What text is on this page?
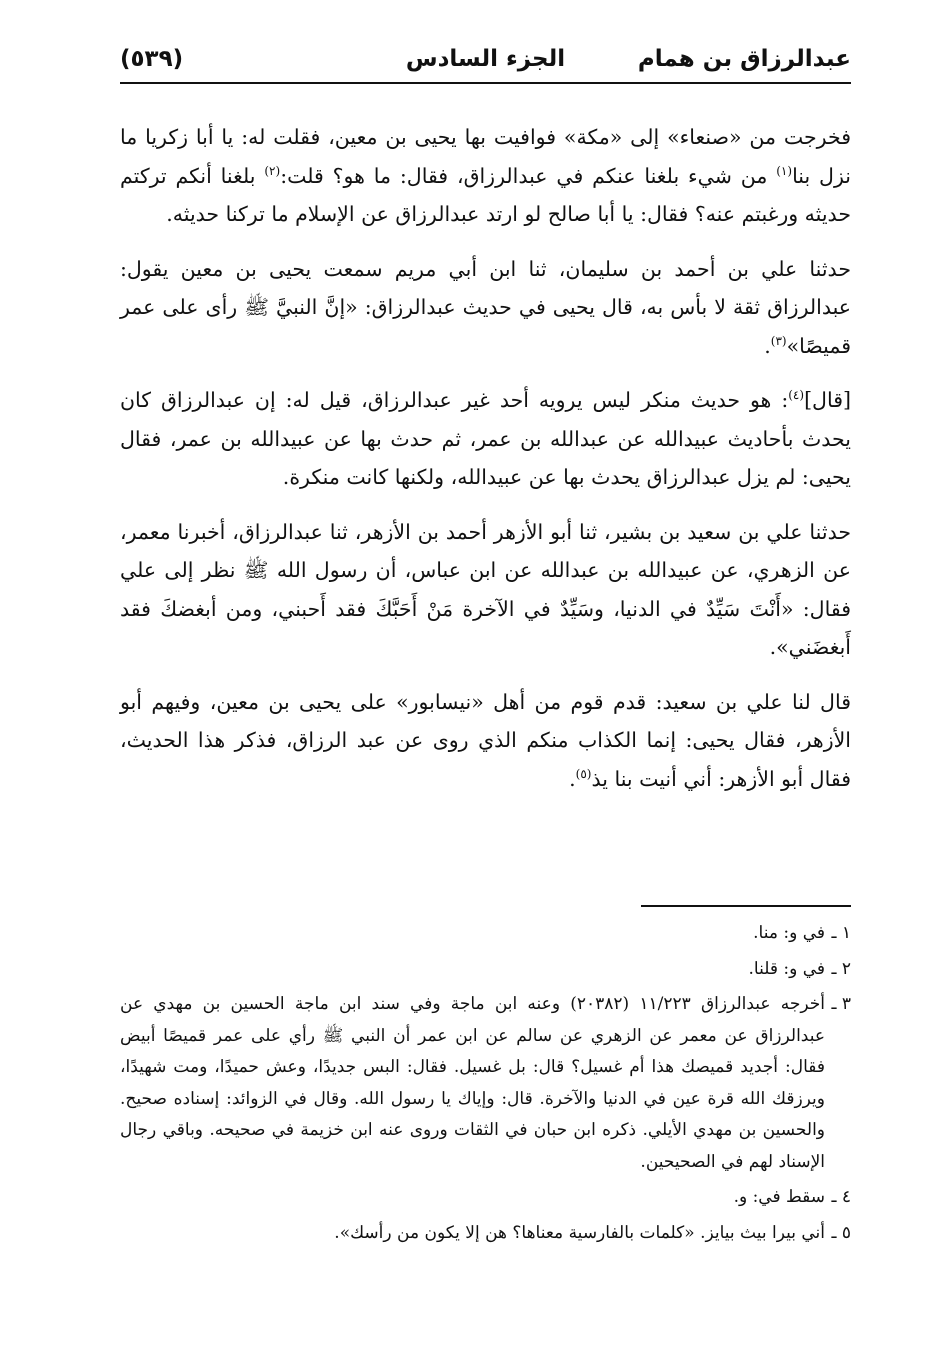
عبدالرزاق بن همام
الجزء السادس
(٥٣٩)

فخرجت من «صنعاء» إلى «مكة» فوافيت بها يحيى بن معين، فقلت له: يا أبا زكريا ما نزل بنا$^{(١)}$ من شيء بلغنا عنكم في عبدالرزاق، فقال: ما هو؟ قلت:$^{(٢)}$ بلغنا أنكم تركتم حديثه ورغبتم عنه؟ فقال: يا أبا صالح لو ارتد عبدالرزاق عن الإسلام ما تركنا حديثه.

حدثنا علي بن أحمد بن سليمان، ثنا ابن أبي مريم سمعت يحيى بن معين يقول: عبدالرزاق ثقة لا بأس به، قال يحيى في حديث عبدالرزاق: «إنَّ النبيَّ ﷺ رأى على عمر قميصًا»$^{(٣)}$.

[قال]$^{(٤)}$: هو حديث منكر ليس يرويه أحد غير عبدالرزاق، قيل له: إن عبدالرزاق كان يحدث بأحاديث عبيدالله عن عبدالله بن عمر، ثم حدث بها عن عبيدالله بن عمر، فقال يحيى: لم يزل عبدالرزاق يحدث بها عن عبيدالله، ولكنها كانت منكرة.

حدثنا علي بن سعيد بن بشير، ثنا أبو الأزهر أحمد بن الأزهر، ثنا عبدالرزاق، أخبرنا معمر، عن الزهري، عن عبيدالله بن عبدالله عن ابن عباس، أن رسول الله ﷺ نظر إلى علي فقال: «أَنْتَ سَيِّدٌ في الدنيا، وسَيِّدٌ في الآخرة مَنْ أَحَبَّكَ فقد أَحبني، ومن أبغضكَ فقد أَبغضَني».

قال لنا علي بن سعيد: قدم قوم من أهل «نيسابور» على يحيى بن معين، وفيهم أبو الأزهر، فقال يحيى: إنما الكذاب منكم الذي روى عن عبد الرزاق، فذكر هذا الحديث، فقال أبو الأزهر: أني أنيت بنا يذ$^{(٥)}$.

١ ـ
في و: منا.
٢ ـ
في و: قلنا.
٣ ـ
أخرجه عبدالرزاق ١١/٢٢٣ (٢٠٣٨٢) وعنه ابن ماجة وفي سند ابن ماجة الحسين بن مهدي عن عبدالرزاق عن معمر عن الزهري عن سالم عن ابن عمر أن النبي ﷺ رأي على عمر قميصًا أبيض فقال: أجديد قميصك هذا أم غسيل؟ قال: بل غسيل. فقال: البس جديدًا، وعش حميدًا، ومت شهيدًا، ويرزقك الله قرة عين في الدنيا والآخرة. قال: وإياك يا رسول الله. وقال في الزوائد: إسناده صحيح. والحسين بن مهدي الأيلي. ذكره ابن حبان في الثقات وروى عنه ابن خزيمة في صحيحه. وباقي رجال الإسناد لهم في الصحيحين.
٤ ـ
سقط في: و.
٥ ـ
أني بيرا بيث بيايز. «كلمات بالفارسية معناها؟ هن إلا يكون من رأسك».
